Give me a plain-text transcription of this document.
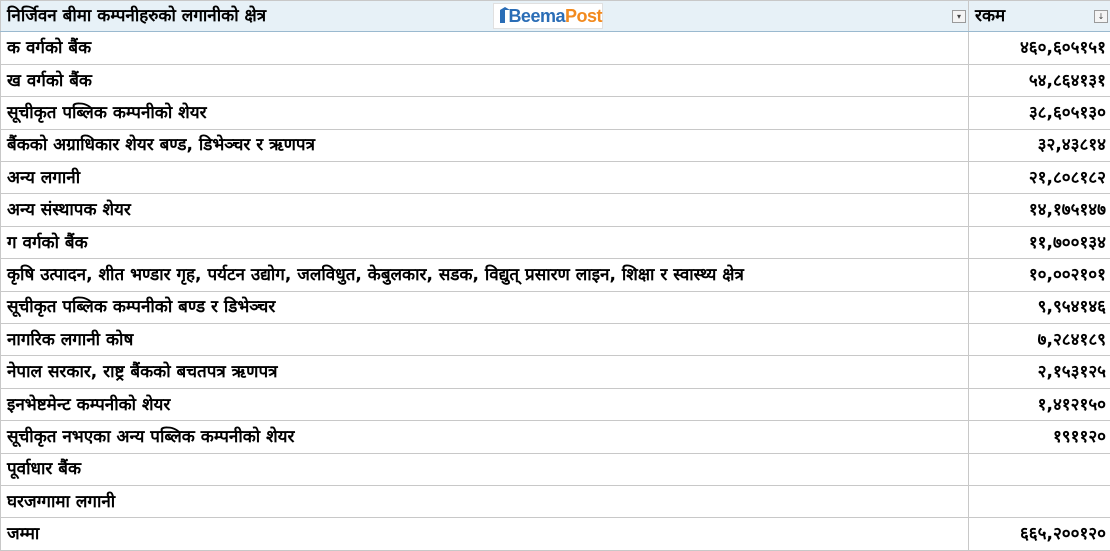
निर्जिवन बीमा कम्पनीहरुको लगानीको क्षेत्र ▾	रकम ↓

क वर्गको बैंक	४६०,६०५१५१
ख वर्गको बैंक	५४,८६४१३१
सूचीकृत पब्लिक कम्पनीको शेयर	३८,६०५१३०
बैंकको अग्राधिकार शेयर बण्ड, डिभेञ्चर र ऋणपत्र	३२,४३८१४
अन्य लगानी	२१,८०८१८२
अन्य संस्थापक शेयर	१४,१७५१४७
ग वर्गको बैंक	११,७००१३४
कृषि उत्पादन, शीत भण्डार गृह, पर्यटन उद्योग, जलविधुत, केबुलकार, सडक, विद्युत् प्रसारण लाइन, शिक्षा र स्वास्थ्य क्षेत्र	१०,००२१०१
सूचीकृत पब्लिक कम्पनीको बण्ड र डिभेञ्चर	९,९५४१४६
नागरिक लगानी कोष	७,२८४१८९
नेपाल सरकार, राष्ट्र बैंकको बचतपत्र ऋणपत्र	२,१५३१२५
इनभेष्टमेन्ट कम्पनीको शेयर	१,४१२१५०
सूचीकृत नभएका अन्य पब्लिक कम्पनीको शेयर	१९११२०
पूर्वाधार बैंक	
घरजग्गामा लगानी	
जम्मा	६६५,२००१२०
Beema Post
